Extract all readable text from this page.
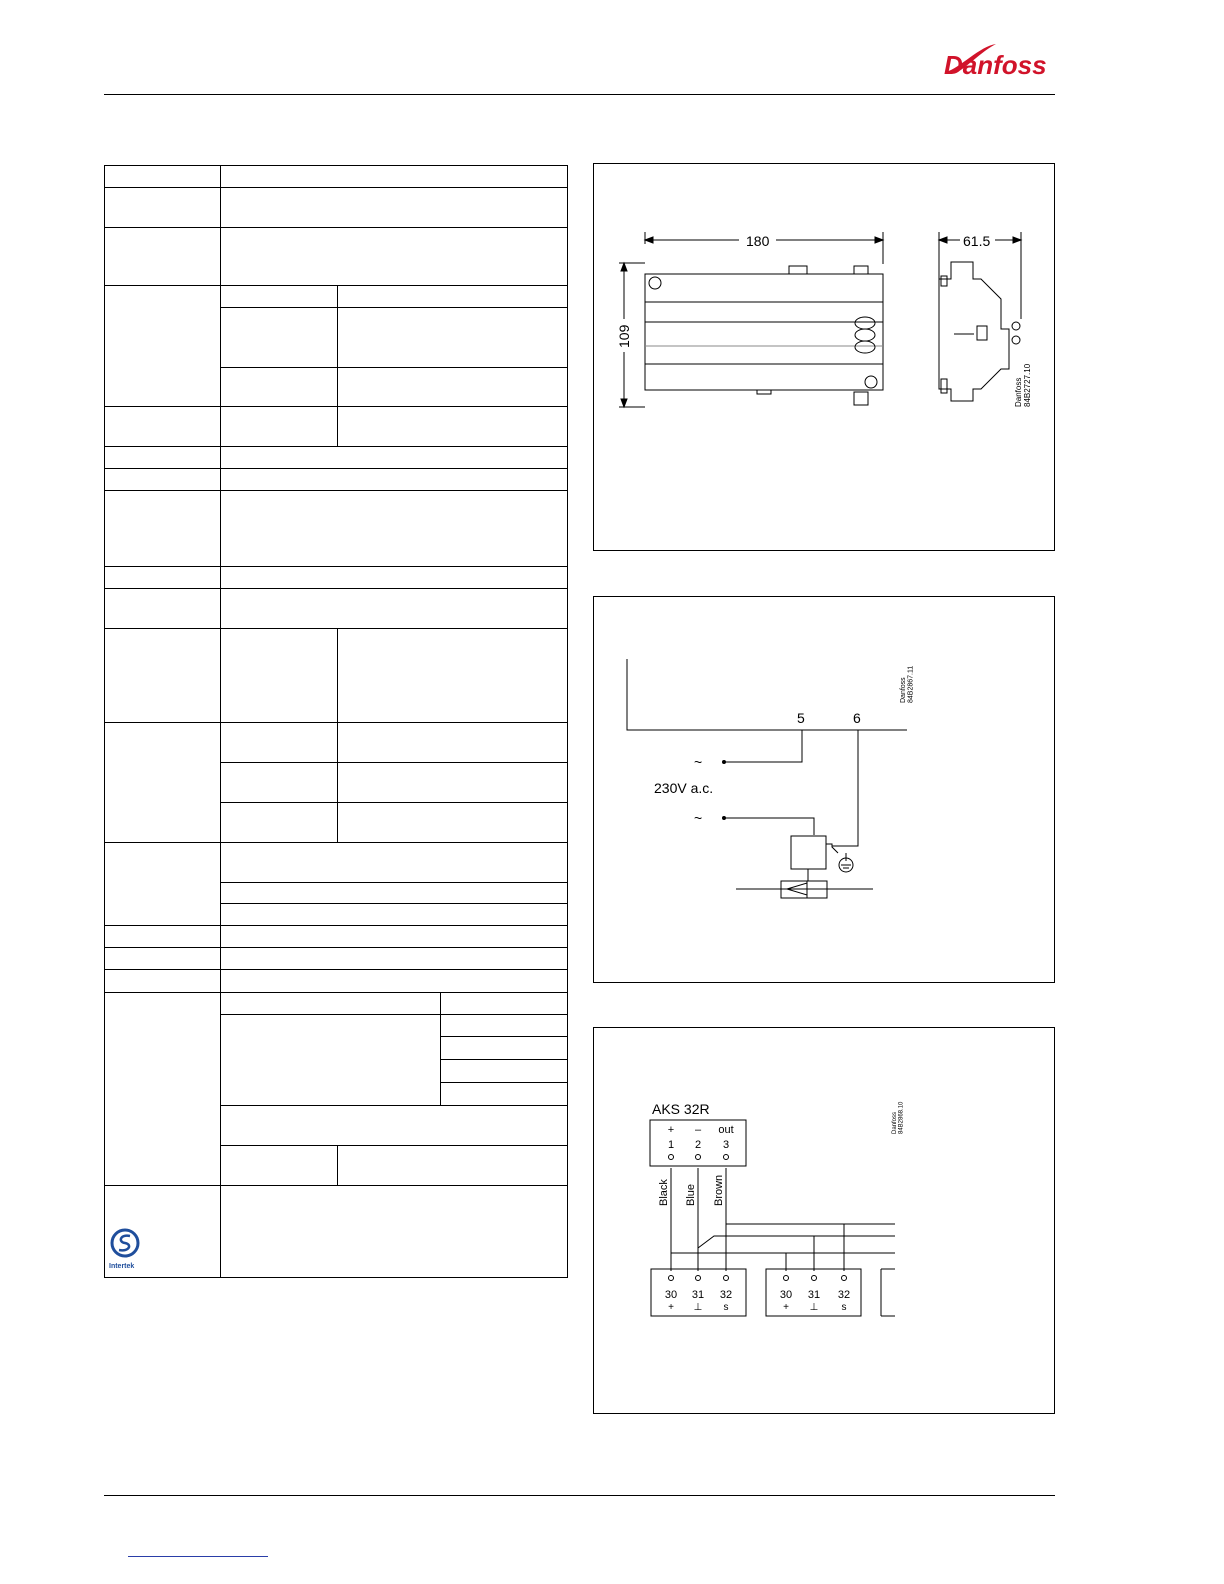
Danfoss

Intertek			

180	61.5
109
Danfoss84B2727.10
~
~
5	6
230V a.c.
Danfoss84B2867.11
+
1
–
2
out
3
Black Blue Brown
30
+
31
⊥
32
s
30
+
31
⊥
32
s
AKS 32R
Danfoss84B2868.10
